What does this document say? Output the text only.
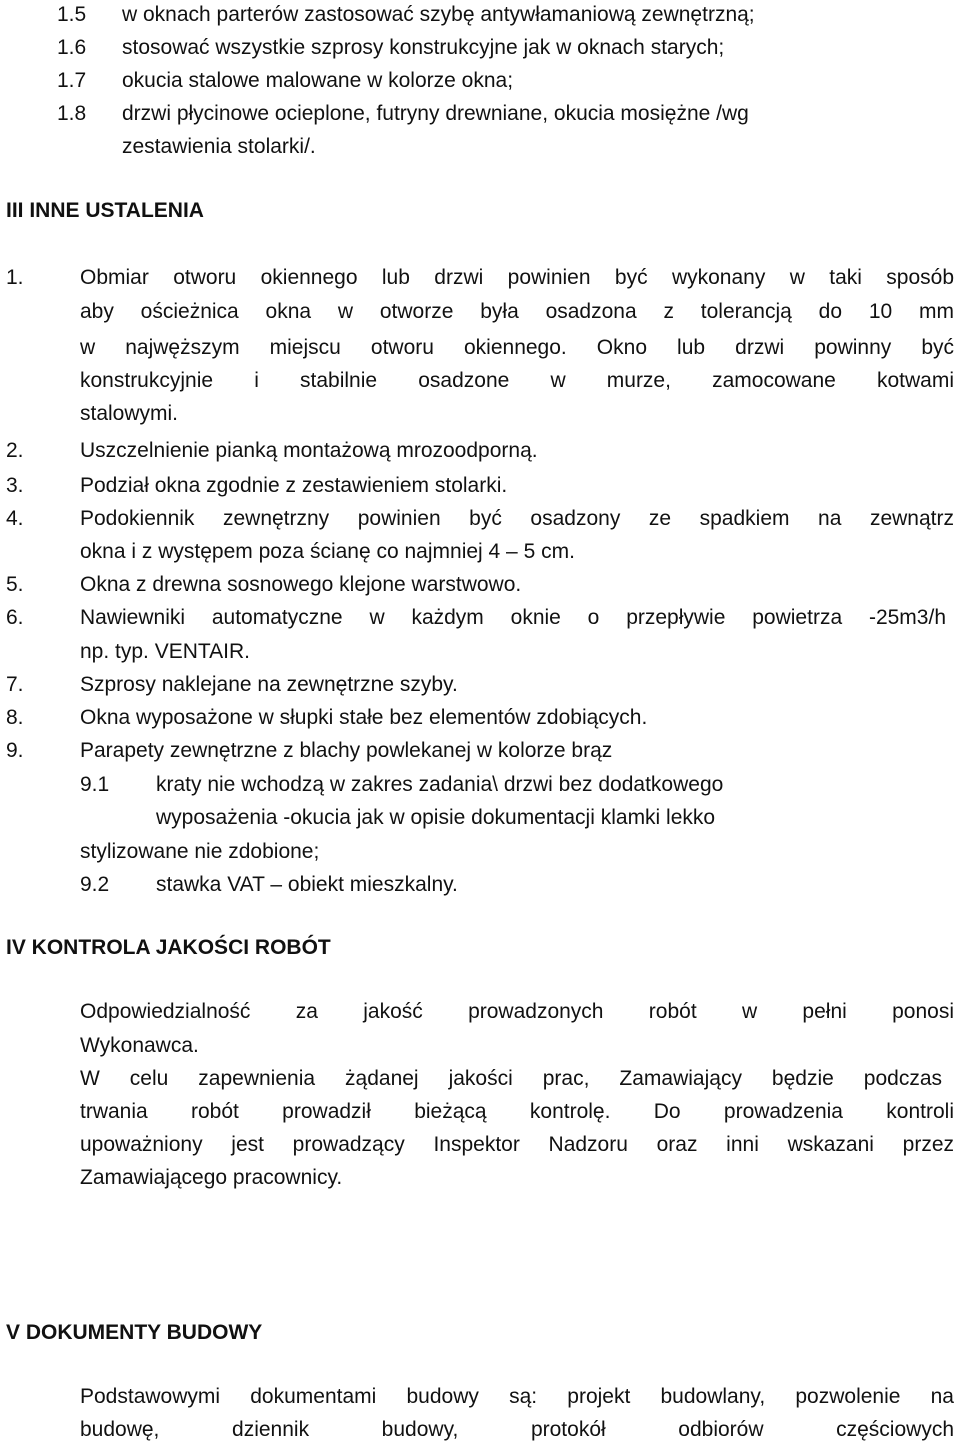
1.5 w oknach parterów zastosować szybę antywłamaniową zewnętrzną;
1.6 stosować wszystkie szprosy konstrukcyjne jak w oknach starych;
1.7 okucia stalowe malowane w kolorze okna;
1.8 drzwi płycinowe ocieplone, futryny drewniane, okucia mosiężne /wg
zestawienia stolarki/.
III INNE USTALENIA
1.	Obmiar otworu okiennego lub drzwi powinien być wykonany w taki sposób
aby ościeżnica okna w otworze była osadzona z tolerancją do 10 mm
w najwęższym miejscu otworu okiennego. Okno lub drzwi powinny być
konstrukcyjnie i stabilnie osadzone w murze, zamocowane kotwami
stalowymi.
2.	Uszczelnienie pianką montażową mrozoodporną.
3.	Podział okna zgodnie z zestawieniem stolarki.
4.	Podokiennik zewnętrzny powinien być osadzony ze spadkiem na zewnątrz
okna i z występem poza ścianę co najmniej 4 – 5 cm.
5.	Okna z drewna sosnowego klejone warstwowo.
6.	Nawiewniki automatyczne w każdym oknie o przepływie powietrza -25m3/h
np. typ. VENTAIR.
7.	Szprosy naklejane na zewnętrzne szyby.
8.	Okna wyposażone w słupki stałe bez elementów zdobiących.
9.	Parapety zewnętrzne z blachy powlekanej w kolorze brąz
9.1 kraty nie wchodzą w zakres zadania\ drzwi bez dodatkowego
wyposażenia -okucia jak w opisie dokumentacji klamki lekko
stylizowane nie zdobione;
9.2 stawka VAT – obiekt mieszkalny.
IV KONTROLA JAKOŚCI ROBÓT
Odpowiedzialność za jakość prowadzonych robót w pełni ponosi
Wykonawca.
W celu zapewnienia żądanej jakości prac, Zamawiający będzie podczas
trwania robót prowadził bieżącą kontrolę. Do prowadzenia kontroli
upoważniony jest prowadzący Inspektor Nadzoru oraz inni wskazani przez
Zamawiającego pracownicy.
V DOKUMENTY BUDOWY
Podstawowymi dokumentami budowy są: projekt budowlany, pozwolenie na
budowę, dziennik budowy, protokół odbiorów częściowych
